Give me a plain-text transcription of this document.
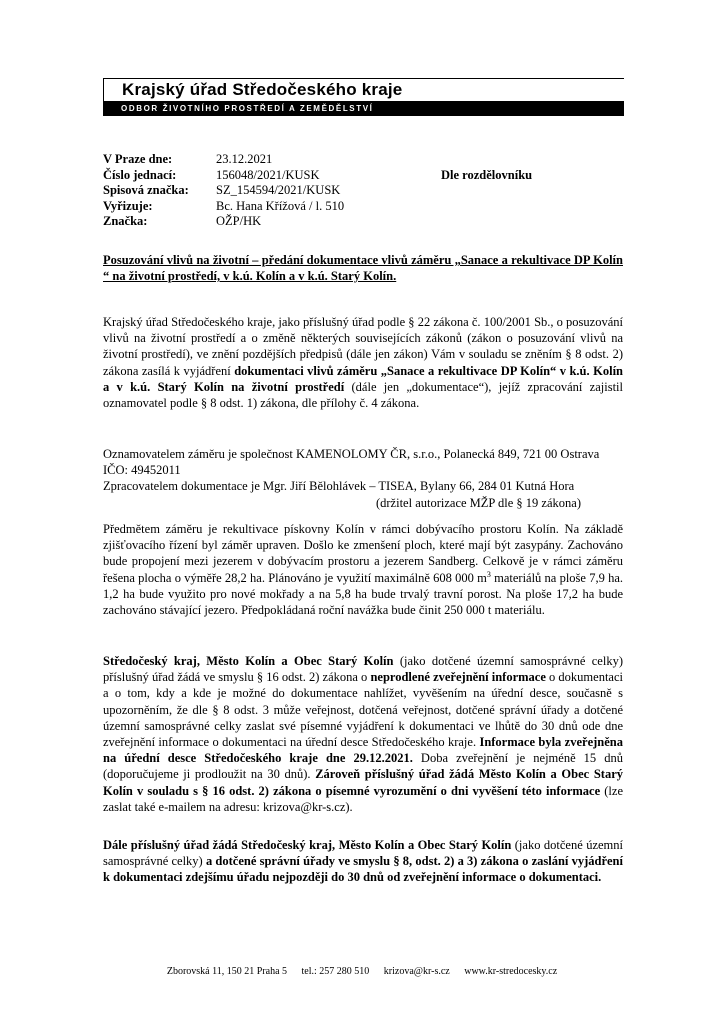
Krajský úřad Středočeského kraje
ODBOR ŽIVOTNÍHO PROSTŘEDÍ A ZEMĚDĚLSTVÍ
V Praze dne:	23.12.2021
Číslo jednací:	156048/2021/KUSK
Spisová značka:	SZ_154594/2021/KUSK
Vyřizuje:	Bc. Hana Křížová / l. 510
Značka:	OŽP/HK
Dle rozdělovníku
Posuzování vlivů na životní – předání dokumentace vlivů záměru „Sanace a rekultivace DP Kolín “ na životní prostředí, v k.ú. Kolín a v k.ú. Starý Kolín.
Krajský úřad Středočeského kraje, jako příslušný úřad podle § 22 zákona č. 100/2001 Sb., o posuzování vlivů na životní prostředí a o změně některých souvisejících zákonů (zákon o posuzování vlivů na životní prostředí), ve znění pozdějších předpisů (dále jen zákon) Vám v souladu se zněním § 8 odst. 2) zákona zasílá k vyjádření dokumentaci vlivů záměru „Sanace a rekultivace DP Kolín“ v k.ú. Kolín a v k.ú. Starý Kolín na životní prostředí (dále jen „dokumentace“), jejíž zpracování zajistil oznamovatel podle § 8 odst. 1) zákona, dle přílohy č. 4 zákona.
Oznamovatelem záměru je společnost KAMENOLOMY ČR, s.r.o., Polanecká 849, 721 00 Ostrava
IČO: 49452011
Zpracovatelem dokumentace je Mgr. Jiří Bělohlávek – TISEA, Bylany 66, 284 01 Kutná Hora
(držitel autorizace MŽP dle § 19 zákona)
Předmětem záměru je rekultivace pískovny Kolín v rámci dobývacího prostoru Kolín. Na základě zjišťovacího řízení byl záměr upraven. Došlo ke zmenšení ploch, které mají být zasypány. Zachováno bude propojení mezi jezerem v dobývacím prostoru a jezerem Sandberg. Celkově je v rámci záměru řešena plocha o výměře 28,2 ha. Plánováno je využití maximálně 608 000 $m^3$ materiálů na ploše 7,9 ha. 1,2 ha bude využito pro nové mokřady a na 5,8 ha bude trvalý travní porost. Na ploše 17,2 ha bude zachováno stávající jezero. Předpokládaná roční navážka bude činit 250 000 t materiálu.
Středočeský kraj, Město Kolín a Obec Starý Kolín (jako dotčené územní samosprávné celky) příslušný úřad žádá ve smyslu § 16 odst. 2) zákona o neprodlené zveřejnění informace o dokumentaci a o tom, kdy a kde je možné do dokumentace nahlížet, vyvěšením na úřední desce, současně s upozorněním, že dle § 8 odst. 3 může veřejnost, dotčená veřejnost, dotčené správní úřady a dotčené územní samosprávné celky zaslat své písemné vyjádření k dokumentaci ve lhůtě do 30 dnů ode dne zveřejnění informace o dokumentaci na úřední desce Středočeského kraje. Informace byla zveřejněna na úřední desce Středočeského kraje dne 29.12.2021. Doba zveřejnění je nejméně 15 dnů (doporučujeme ji prodloužit na 30 dnů). Zároveň příslušný úřad žádá Město Kolín a Obec Starý Kolín v souladu s § 16 odst. 2) zákona o písemné vyrozumění o dni vyvěšení této informace (lze zaslat také e-mailem na adresu: krizova@kr-s.cz).
Dále příslušný úřad žádá Středočeský kraj, Město Kolín a Obec Starý Kolín (jako dotčené územní samosprávné celky) a dotčené správní úřady ve smyslu § 8, odst. 2) a 3) zákona o zaslání vyjádření k dokumentaci zdejšímu úřadu nejpozději do 30 dnů od zveřejnění informace o dokumentaci.
Zborovská 11, 150 21 Praha 5 tel.: 257 280 510 krizova@kr-s.cz www.kr-stredocesky.cz
